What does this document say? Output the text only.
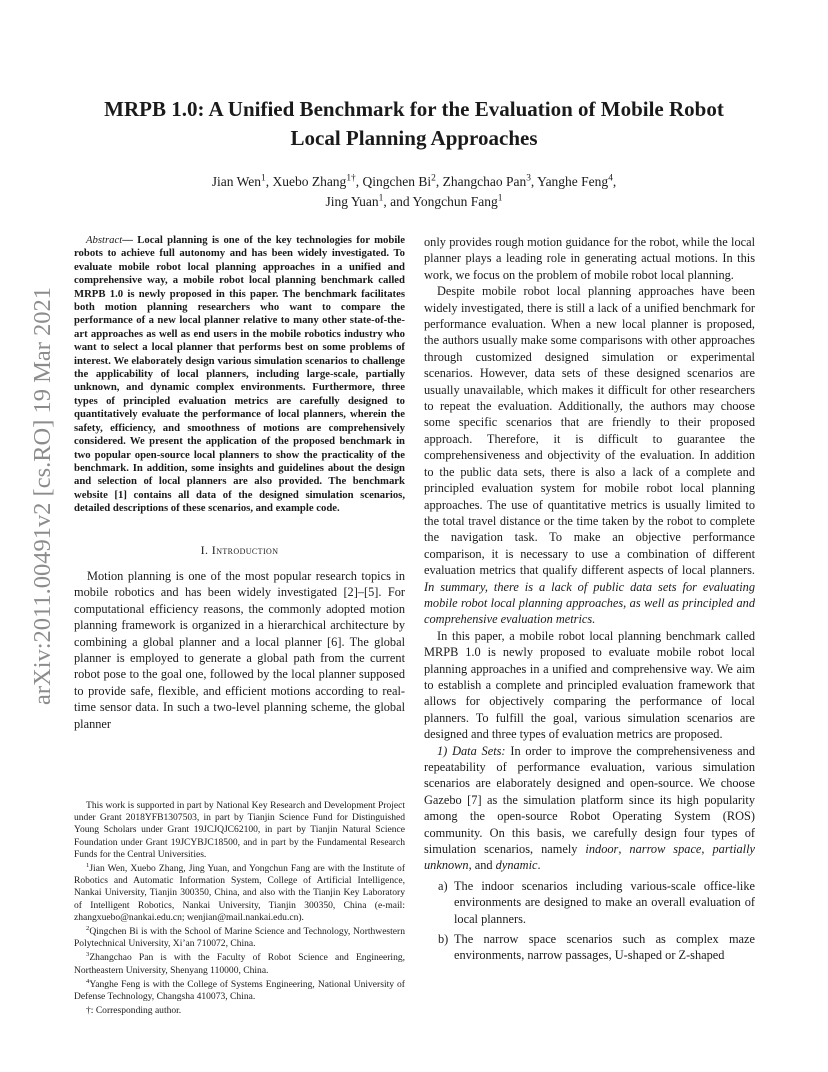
arXiv:2011.00491v2 [cs.RO] 19 Mar 2021
MRPB 1.0: A Unified Benchmark for the Evaluation of Mobile Robot
Local Planning Approaches
Jian Wen$^1$, Xuebo Zhang$^{1\dagger}$, Qingchen Bi$^2$, Zhangchao Pan$^3$, Yanghe Feng$^4$,
Jing Yuan$^1$, and Yongchun Fang$^1$

Abstract— Local planning is one of the key technologies for mobile robots to achieve full autonomy and has been widely investigated. To evaluate mobile robot local planning approaches in a unified and comprehensive way, a mobile robot local planning benchmark called MRPB 1.0 is newly proposed in this paper. The benchmark facilitates both motion planning researchers who want to compare the performance of a new local planner relative to many other state-of-the-art approaches as well as end users in the mobile robotics industry who want to select a local planner that performs best on some problems of interest. We elaborately design various simulation scenarios to challenge the applicability of local planners, including large-scale, partially unknown, and dynamic complex environments. Furthermore, three types of principled evaluation metrics are carefully designed to quantitatively evaluate the performance of local planners, wherein the safety, efficiency, and smoothness of motions are comprehensively considered. We present the application of the proposed benchmark in two popular open-source local planners to show the practicality of the benchmark. In addition, some insights and guidelines about the design and selection of local planners are also provided. The benchmark website [1] contains all data of the designed simulation scenarios, detailed descriptions of these scenarios, and example code.

I. Introduction

Motion planning is one of the most popular research topics in mobile robotics and has been widely investigated [2]–[5]. For computational efficiency reasons, the commonly adopted motion planning framework is organized in a hierarchical architecture by combining a global planner and a local planner [6]. The global planner is employed to generate a global path from the current robot pose to the goal one, followed by the local planner supposed to provide safe, flexible, and efficient motions according to real-time sensor data. In such a two-level planning scheme, the global planner

This work is supported in part by National Key Research and Development Project under Grant 2018YFB1307503, in part by Tianjin Science Fund for Distinguished Young Scholars under Grant 19JCJQJC62100, in part by Tianjin Natural Science Foundation under Grant 19JCYBJC18500, and in part by the Fundamental Research Funds for the Central Universities.

$^1$Jian Wen, Xuebo Zhang, Jing Yuan, and Yongchun Fang are with the Institute of Robotics and Automatic Information System, College of Artificial Intelligence, Nankai University, Tianjin 300350, China, and also with the Tianjin Key Laboratory of Intelligent Robotics, Nankai University, Tianjin 300350, China (e-mail: zhangxuebo@nankai.edu.cn; wenjian@mail.nankai.edu.cn).

$^2$Qingchen Bi is with the School of Marine Science and Technology, Northwestern Polytechnical University, Xi’an 710072, China.

$^3$Zhangchao Pan is with the Faculty of Robot Science and Engineering, Northeastern University, Shenyang 110000, China.

$^4$Yanghe Feng is with the College of Systems Engineering, National University of Defense Technology, Changsha 410073, China.

†: Corresponding author.

only provides rough motion guidance for the robot, while the local planner plays a leading role in generating actual motions. In this work, we focus on the problem of mobile robot local planning.

Despite mobile robot local planning approaches have been widely investigated, there is still a lack of a unified benchmark for performance evaluation. When a new local planner is proposed, the authors usually make some comparisons with other approaches through customized designed simulation or experimental scenarios. However, data sets of these designed scenarios are usually unavailable, which makes it difficult for other researchers to repeat the evaluation. Additionally, the authors may choose some specific scenarios that are friendly to their proposed approach. Therefore, it is difficult to guarantee the comprehensiveness and objectivity of the evaluation. In addition to the public data sets, there is also a lack of a complete and principled evaluation system for mobile robot local planning approaches. The use of quantitative metrics is usually limited to the total travel distance or the time taken by the robot to complete the navigation task. To make an objective performance comparison, it is necessary to use a combination of different evaluation metrics that qualify different aspects of local planners. In summary, there is a lack of public data sets for evaluating mobile robot local planning approaches, as well as principled and comprehensive evaluation metrics.

In this paper, a mobile robot local planning benchmark called MRPB 1.0 is newly proposed to evaluate mobile robot local planning approaches in a unified and comprehensive way. We aim to establish a complete and principled evaluation framework that allows for objectively comparing the performance of local planners. To fulfill the goal, various simulation scenarios are designed and three types of evaluation metrics are proposed.

1) Data Sets: In order to improve the comprehensiveness and repeatability of performance evaluation, various simulation scenarios are elaborately designed and open-source. We choose Gazebo [7] as the simulation platform since its high popularity among the open-source Robot Operating System (ROS) community. On this basis, we carefully design four types of simulation scenarios, namely indoor, narrow space, partially unknown, and dynamic.

a) The indoor scenarios including various-scale office-like environments are designed to make an overall evaluation of local planners.
b) The narrow space scenarios such as complex maze environments, narrow passages, U-shaped or Z-shaped
